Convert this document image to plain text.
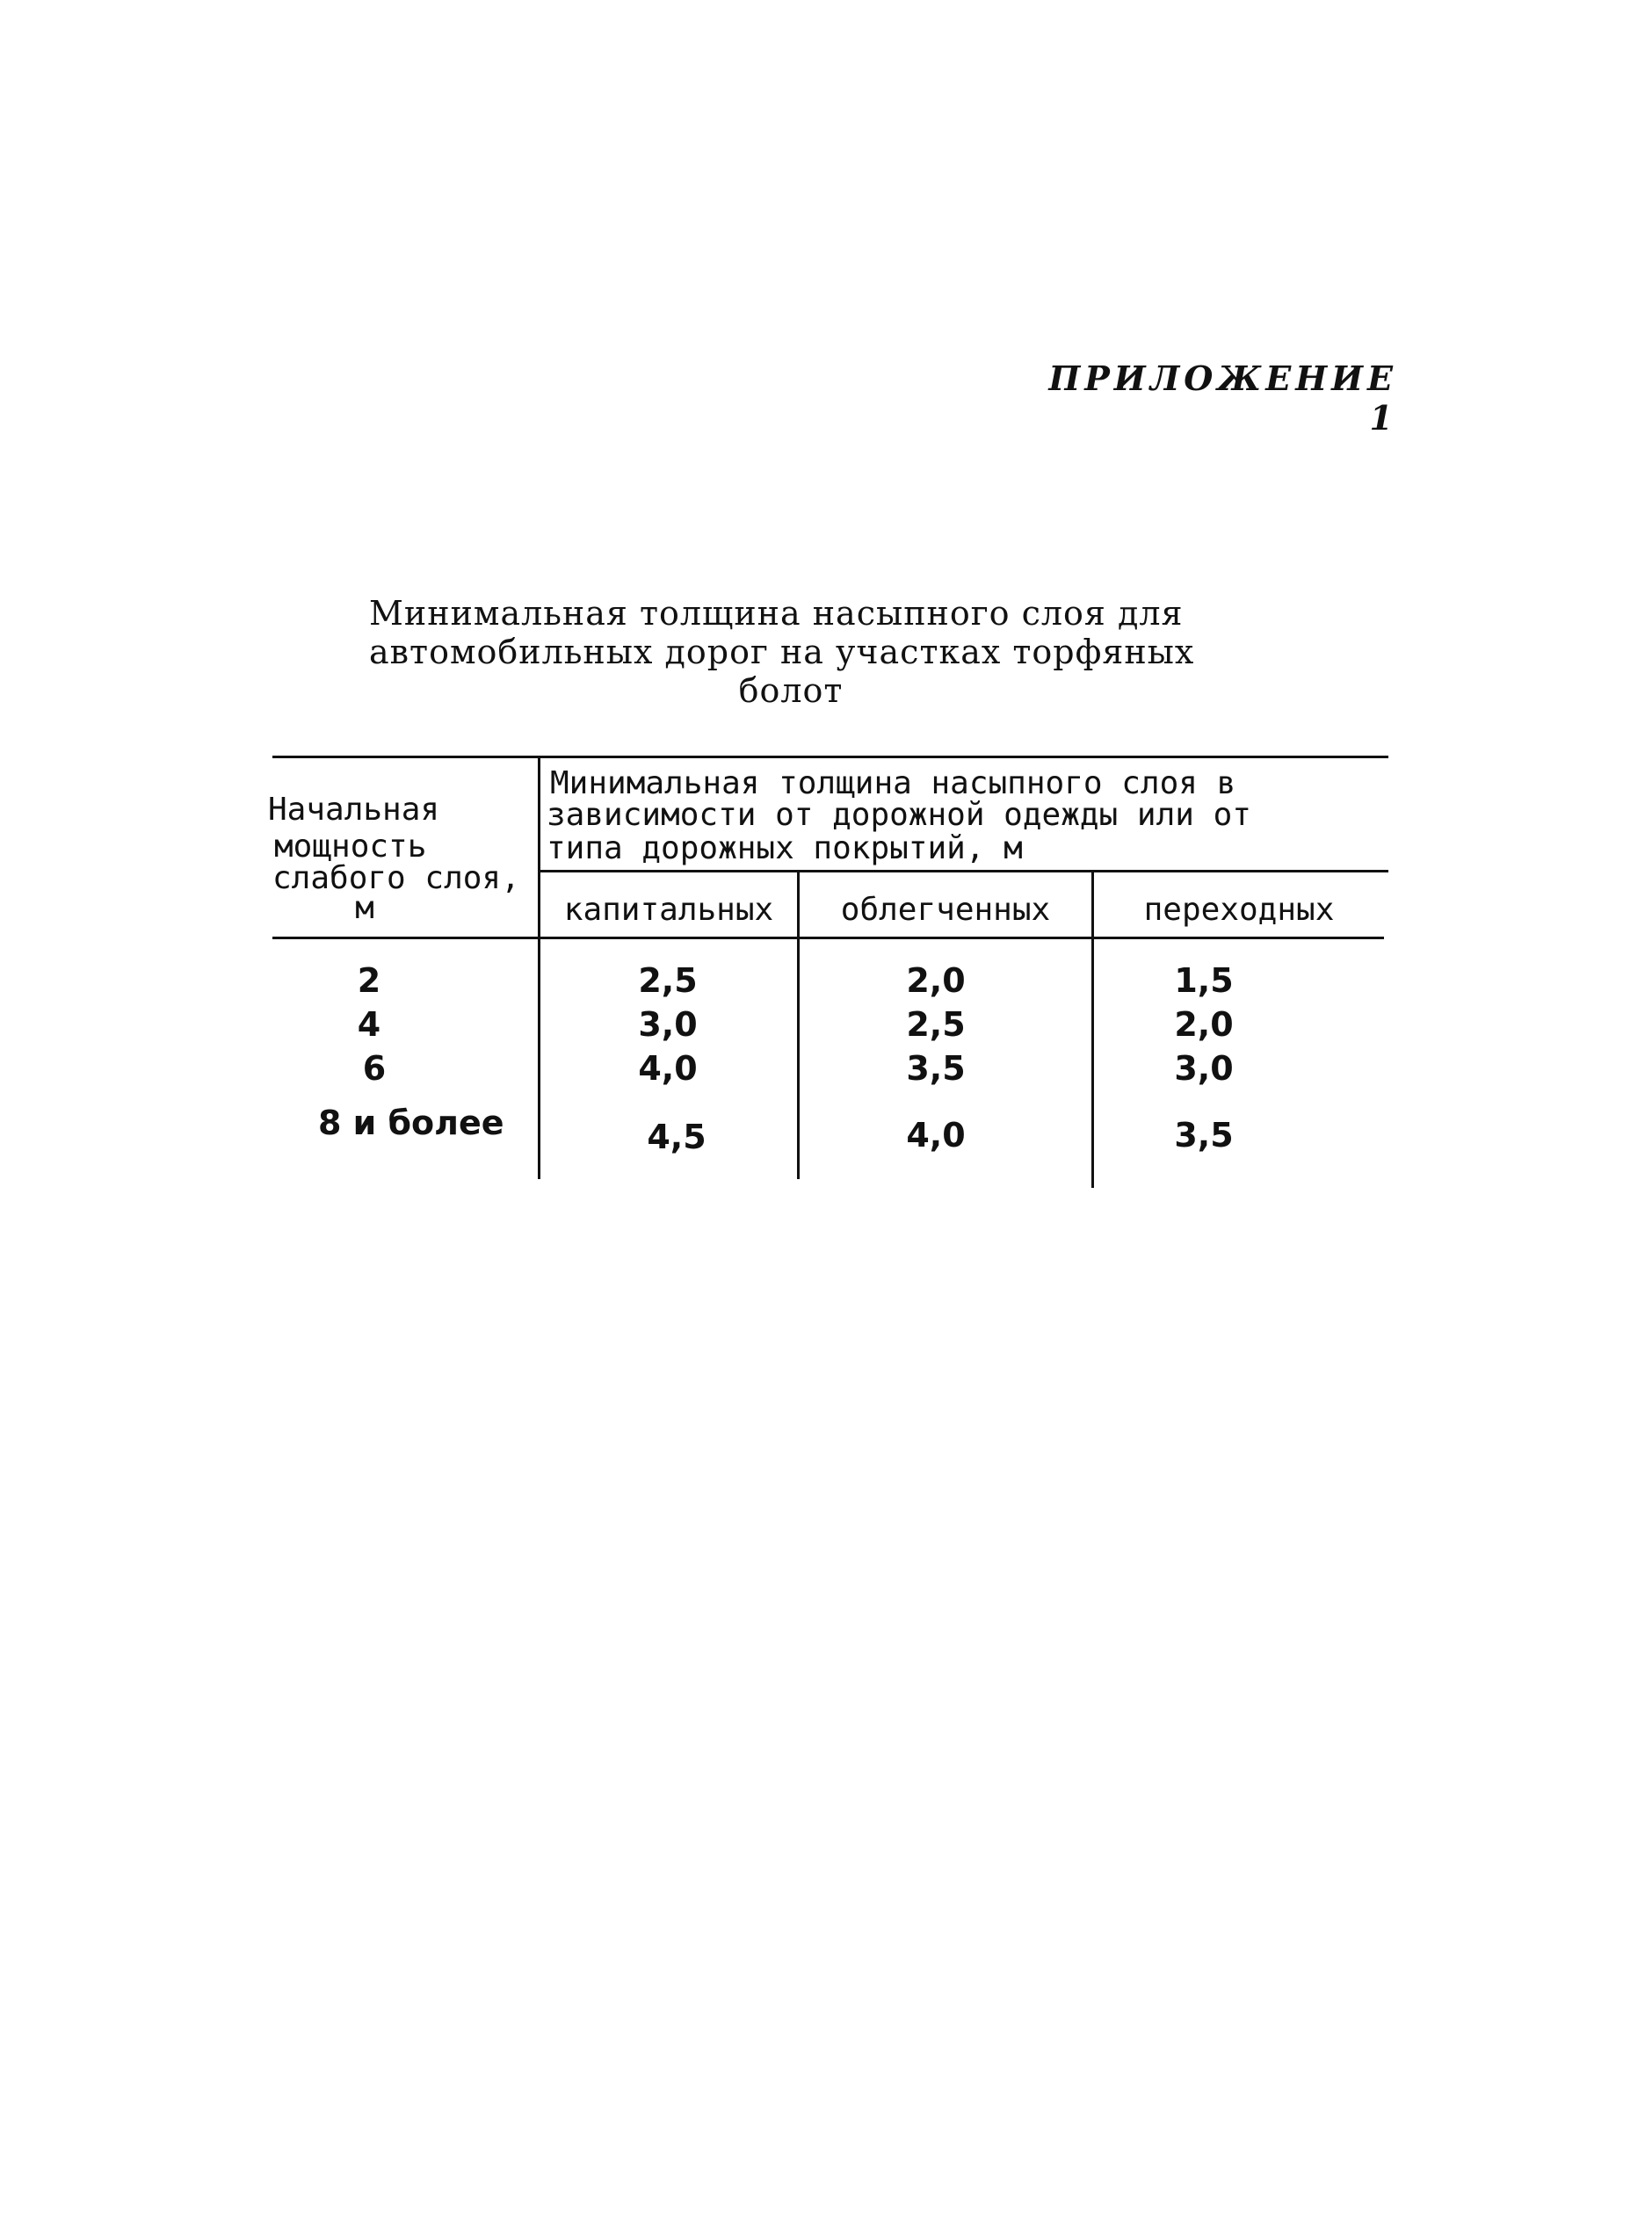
ПРИЛОЖЕНИЕ 1
Минимальная толщина насыпного слоя для
автомобильных дорог на участках торфяных
болот
Начальная
мощность
слабого слоя,
м
Минимальная толщина насыпного слоя в
зависимости от дорожной одежды или от
типа дорожных покрытий, м
капитальных	облегченных	переходных
2	2,5	2,0	1,5
4	3,0	2,5	2,0
6	4,0	3,5	3,0
8 и более	4,5	4,0	3,5
